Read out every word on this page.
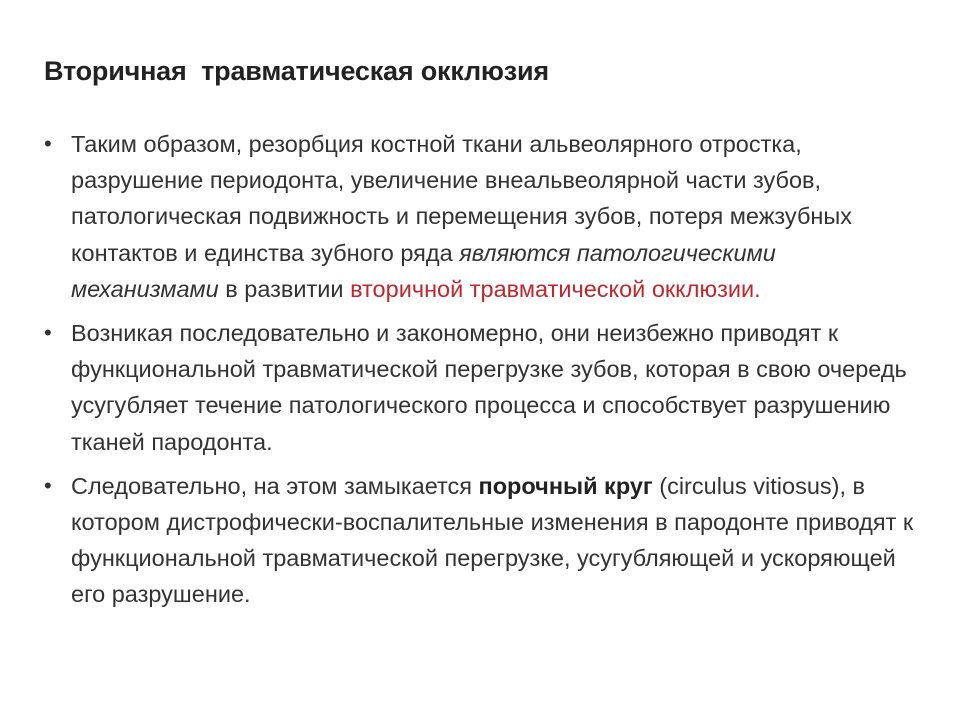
Вторичная  травматическая окклюзия
• Таким образом, резорбция костной ткани альвеолярного отростка, разрушение периодонта, увеличение внеальвеолярной части зубов, патологическая подвижность и перемещения зубов, потеря межзубных контактов и единства зубного ряда являются патологическими механизмами в развитии вторичной травматической окклюзии.
• Возникая последовательно и закономерно, они неизбежно приводят к функциональной травматической перегрузке зубов, которая в свою очередь усугубляет течение патологического процесса и способствует разрушению тканей пародонта.
• Следовательно, на этом замыкается порочный круг (circulus vitiosus), в котором дистрофически-воспалительные изменения в пародонте приводят к функциональной травматической перегрузке, усугубляющей и ускоряющей его разрушение.
